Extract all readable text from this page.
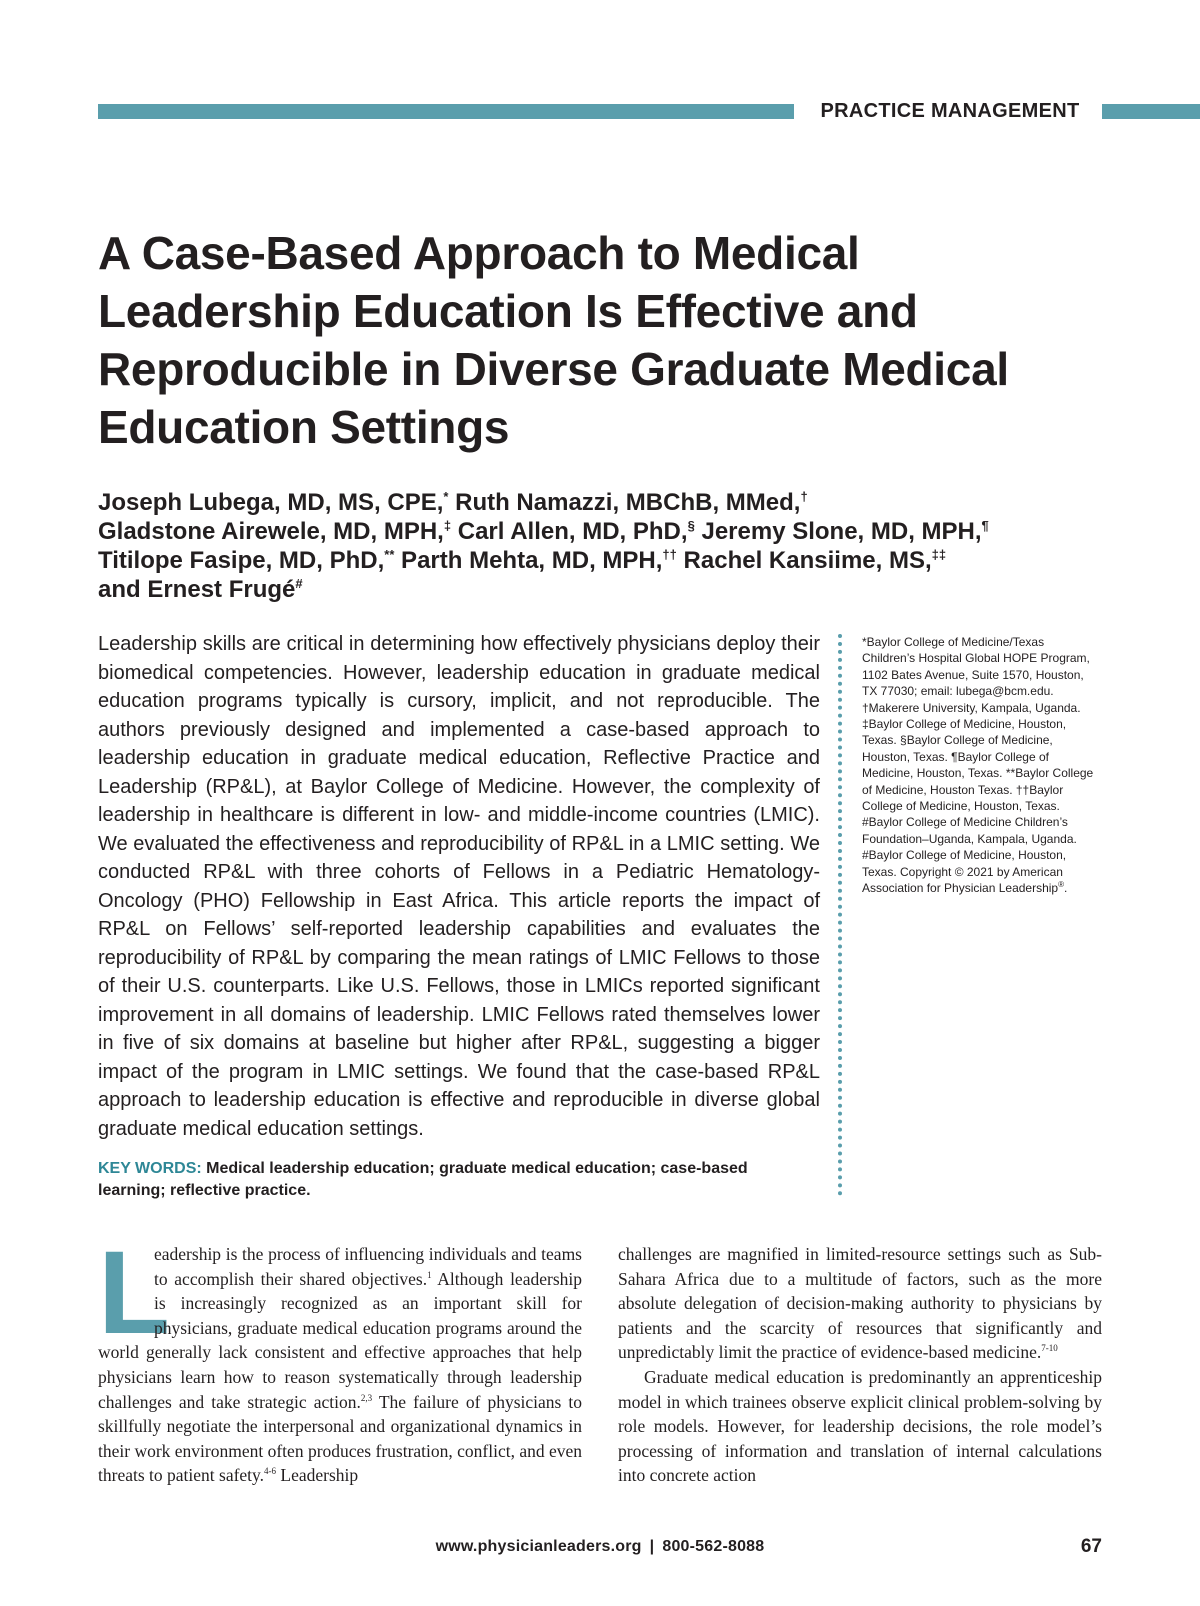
PRACTICE MANAGEMENT
A Case-Based Approach to Medical Leadership Education Is Effective and Reproducible in Diverse Graduate Medical Education Settings
Joseph Lubega, MD, MS, CPE,* Ruth Namazzi, MBChB, MMed,†
Gladstone Airewele, MD, MPH,‡ Carl Allen, MD, PhD,§ Jeremy Slone, MD, MPH,¶
Titilope Fasipe, MD, PhD,** Parth Mehta, MD, MPH,†† Rachel Kansiime, MS,‡‡
and Ernest Frugé#

Leadership skills are critical in determining how effectively physicians deploy their biomedical competencies. However, leadership education in graduate medical education programs typically is cursory, implicit, and not reproducible. The authors previously designed and implemented a case-based approach to leadership education in graduate medical education, Reflective Practice and Leadership (RP&L), at Baylor College of Medicine. However, the complexity of leadership in healthcare is different in low- and middle-income countries (LMIC). We evaluated the effectiveness and reproducibility of RP&L in a LMIC setting. We conducted RP&L with three cohorts of Fellows in a Pediatric Hematology-Oncology (PHO) Fellowship in East Africa. This article reports the impact of RP&L on Fellows’ self-reported leadership capabilities and evaluates the reproducibility of RP&L by comparing the mean ratings of LMIC Fellows to those of their U.S. counterparts. Like U.S. Fellows, those in LMICs reported significant improvement in all domains of leadership. LMIC Fellows rated themselves lower in five of six domains at baseline but higher after RP&L, suggesting a bigger impact of the program in LMIC settings. We found that the case-based RP&L approach to leadership education is effective and reproducible in diverse global graduate medical education settings.

KEY WORDS: Medical leadership education; graduate medical education; case-based learning; reflective practice.
*Baylor College of Medicine/Texas Children’s Hospital Global HOPE Program, 1102 Bates Avenue, Suite 1570, Houston, TX 77030; email: lubega@bcm.edu. †Makerere University, Kampala, Uganda. ‡Baylor College of Medicine, Houston, Texas. §Baylor College of Medicine, Houston, Texas. ¶Baylor College of Medicine, Houston, Texas. **Baylor College of Medicine, Houston Texas. ††Baylor College of Medicine, Houston, Texas. #Baylor College of Medicine Children’s Foundation–Uganda, Kampala, Uganda. #Baylor College of Medicine, Houston, Texas. Copyright © 2021 by American Association for Physician Leadership®.

L
eadership is the process of influencing individuals and teams to accomplish their shared objectives.$^1$ Although leadership is increasingly recognized as an important skill for physicians, graduate medical education programs around the world generally lack consistent and effective approaches that help physicians learn how to reason systematically through leadership challenges and take strategic action.$^{2,3}$ The failure of physicians to skillfully negotiate the interpersonal and organizational dynamics in their work environment often produces frustration, conflict, and even threats to patient safety.$^{4-6}$ Leadership

challenges are magnified in limited-resource settings such as Sub-Sahara Africa due to a multitude of factors, such as the more absolute delegation of decision-making authority to physicians by patients and the scarcity of resources that significantly and unpredictably limit the practice of evidence-based medicine.$^{7-10}$

Graduate medical education is predominantly an apprenticeship model in which trainees observe explicit clinical problem-solving by role models. However, for leadership decisions, the role model’s processing of information and translation of internal calculations into concrete action

www.physicianleaders.org | 800-562-8088	67
